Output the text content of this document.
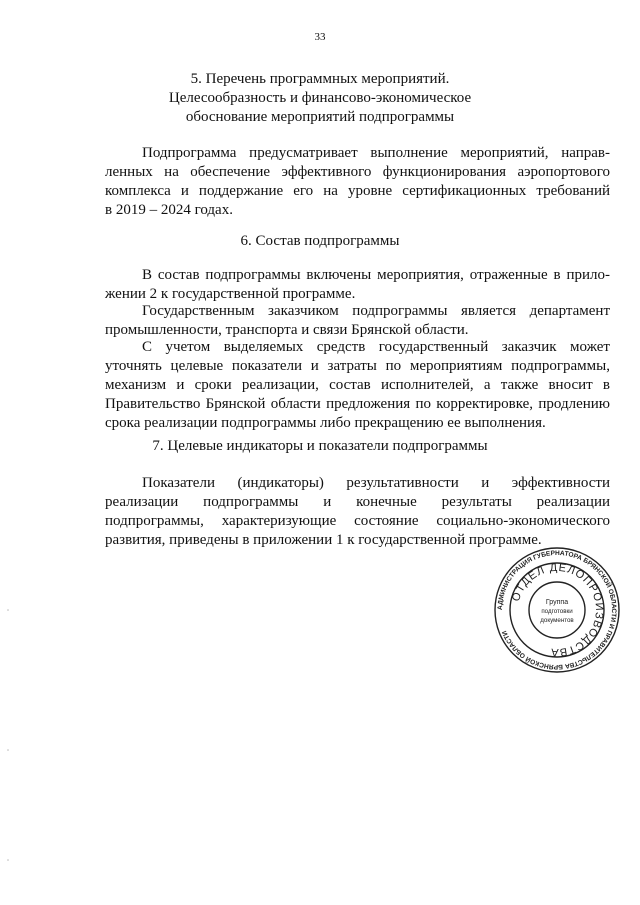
33
5. Перечень программных мероприятий.
Целесообразность и финансово-экономическое
обоснование мероприятий подпрограммы
Подпрограмма предусматривает выполнение мероприятий, направ-
ленных на обеспечение эффективного функционирования аэропортового
комплекса и поддержание его на уровне сертификационных требований
в 2019 – 2024 годах.
6. Состав подпрограммы
В состав подпрограммы включены мероприятия, отраженные в прило-
жении 2 к государственной программе.
Государственным заказчиком подпрограммы является департамент
промышленности, транспорта и связи Брянской области.
С учетом выделяемых средств государственный заказчик может
уточнять целевые показатели и затраты по мероприятиям подпрограммы,
механизм и сроки реализации, состав исполнителей, а также вносит в
Правительство Брянской области предложения по корректировке, продлению
срока реализации подпрограммы либо прекращению ее выполнения.
7. Целевые индикаторы и показатели подпрограммы
Показатели (индикаторы) результативности и эффективности
реализации подпрограммы и конечные результаты реализации
подпрограммы, характеризующие состояние социально-экономического
развития, приведены в приложении 1 к государственной программе.
АДМИНИСТРАЦИЯ ГУБЕРНАТОРА БРЯНСКОЙ ОБЛАСТИ И ПРАВИТЕЛЬСТВА БРЯНСКОЙ ОБЛАСТИ
ОТДЕЛ ДЕЛОПРОИЗВОДСТВА
Группа
подготовки
документов
